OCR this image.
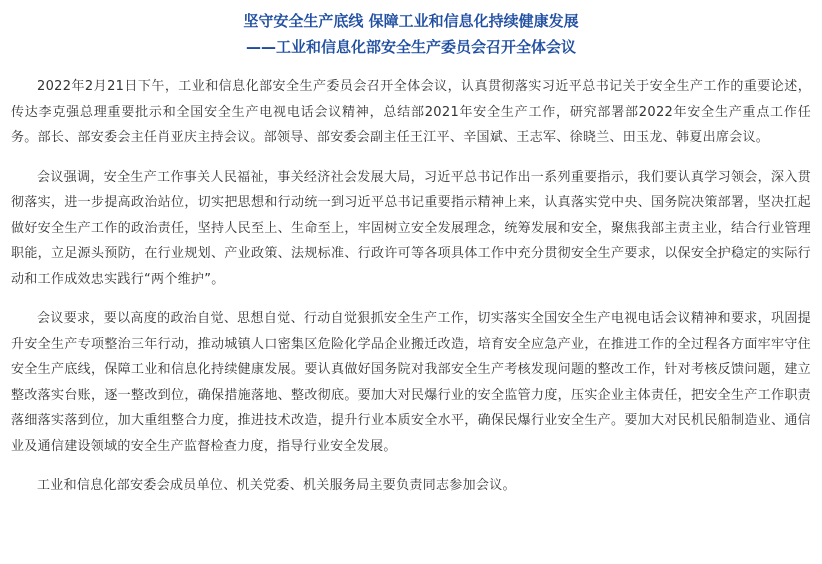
坚守安全生产底线 保障工业和信息化持续健康发展
——工业和信息化部安全生产委员会召开全体会议

2022年2月21日下午，工业和信息化部安全生产委员会召开全体会议，认真贯彻落实习近平总书记关于安全生产工作的重要论述，传达李克强总理重要批示和全国安全生产电视电话会议精神，总结部2021年安全生产工作，研究部署部2022年安全生产重点工作任务。部长、部安委会主任肖亚庆主持会议。部领导、部安委会副主任王江平、辛国斌、王志军、徐晓兰、田玉龙、韩夏出席会议。

会议强调，安全生产工作事关人民福祉，事关经济社会发展大局，习近平总书记作出一系列重要指示，我们要认真学习领会，深入贯彻落实，进一步提高政治站位，切实把思想和行动统一到习近平总书记重要指示精神上来，认真落实党中央、国务院决策部署，坚决扛起做好安全生产工作的政治责任，坚持人民至上、生命至上，牢固树立安全发展理念，统筹发展和安全，聚焦我部主责主业，结合行业管理职能，立足源头预防，在行业规划、产业政策、法规标准、行政许可等各项具体工作中充分贯彻安全生产要求，以保安全护稳定的实际行动和工作成效忠实践行“两个维护”。

会议要求，要以高度的政治自觉、思想自觉、行动自觉狠抓安全生产工作，切实落实全国安全生产电视电话会议精神和要求，巩固提升安全生产专项整治三年行动，推动城镇人口密集区危险化学品企业搬迁改造，培育安全应急产业，在推进工作的全过程各方面牢牢守住安全生产底线，保障工业和信息化持续健康发展。要认真做好国务院对我部安全生产考核发现问题的整改工作，针对考核反馈问题，建立整改落实台账，逐一整改到位，确保措施落地、整改彻底。要加大对民爆行业的安全监管力度，压实企业主体责任，把安全生产工作职责落细落实落到位，加大重组整合力度，推进技术改造，提升行业本质安全水平，确保民爆行业安全生产。要加大对民机民船制造业、通信业及通信建设领域的安全生产监督检查力度，指导行业安全发展。

工业和信息化部安委会成员单位、机关党委、机关服务局主要负责同志参加会议。
